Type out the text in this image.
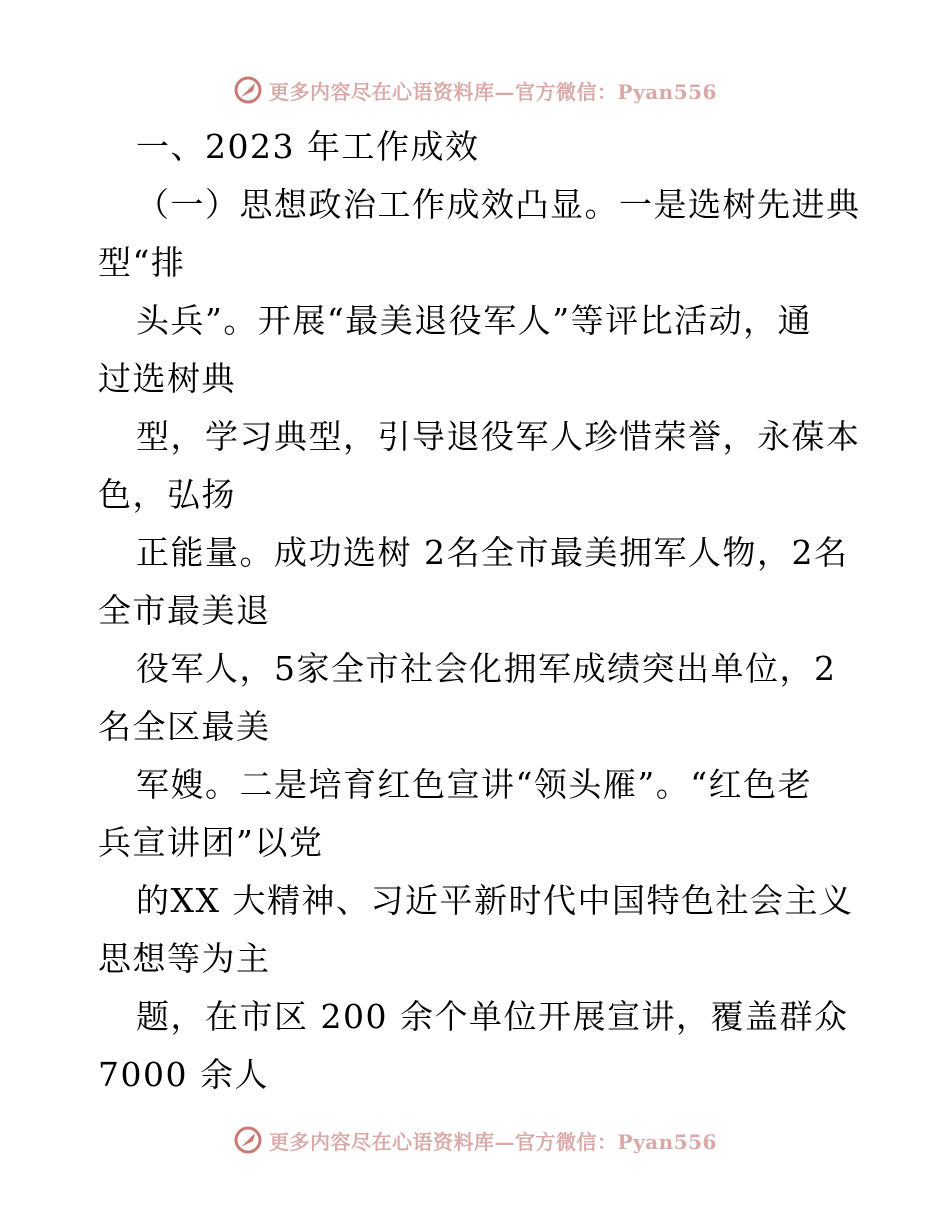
更多内容尽在心语资料库—官方微信：Pyan556
一、2023 年工作成效
（一）思想政治工作成效凸显。一是选树先进典
型“排
头兵”。开展“最美退役军人”等评比活动，通
过选树典
型，学习典型，引导退役军人珍惜荣誉，永葆本
色，弘扬
正能量。成功选树 2名全市最美拥军人物，2名
全市最美退
役军人，5家全市社会化拥军成绩突出单位，2
名全区最美
军嫂。二是培育红色宣讲“领头雁”。“红色老
兵宣讲团”以党
的XX 大精神、习近平新时代中国特色社会主义
思想等为主
题，在市区 200 余个单位开展宣讲，覆盖群众
7000 余人
更多内容尽在心语资料库—官方微信：Pyan556
